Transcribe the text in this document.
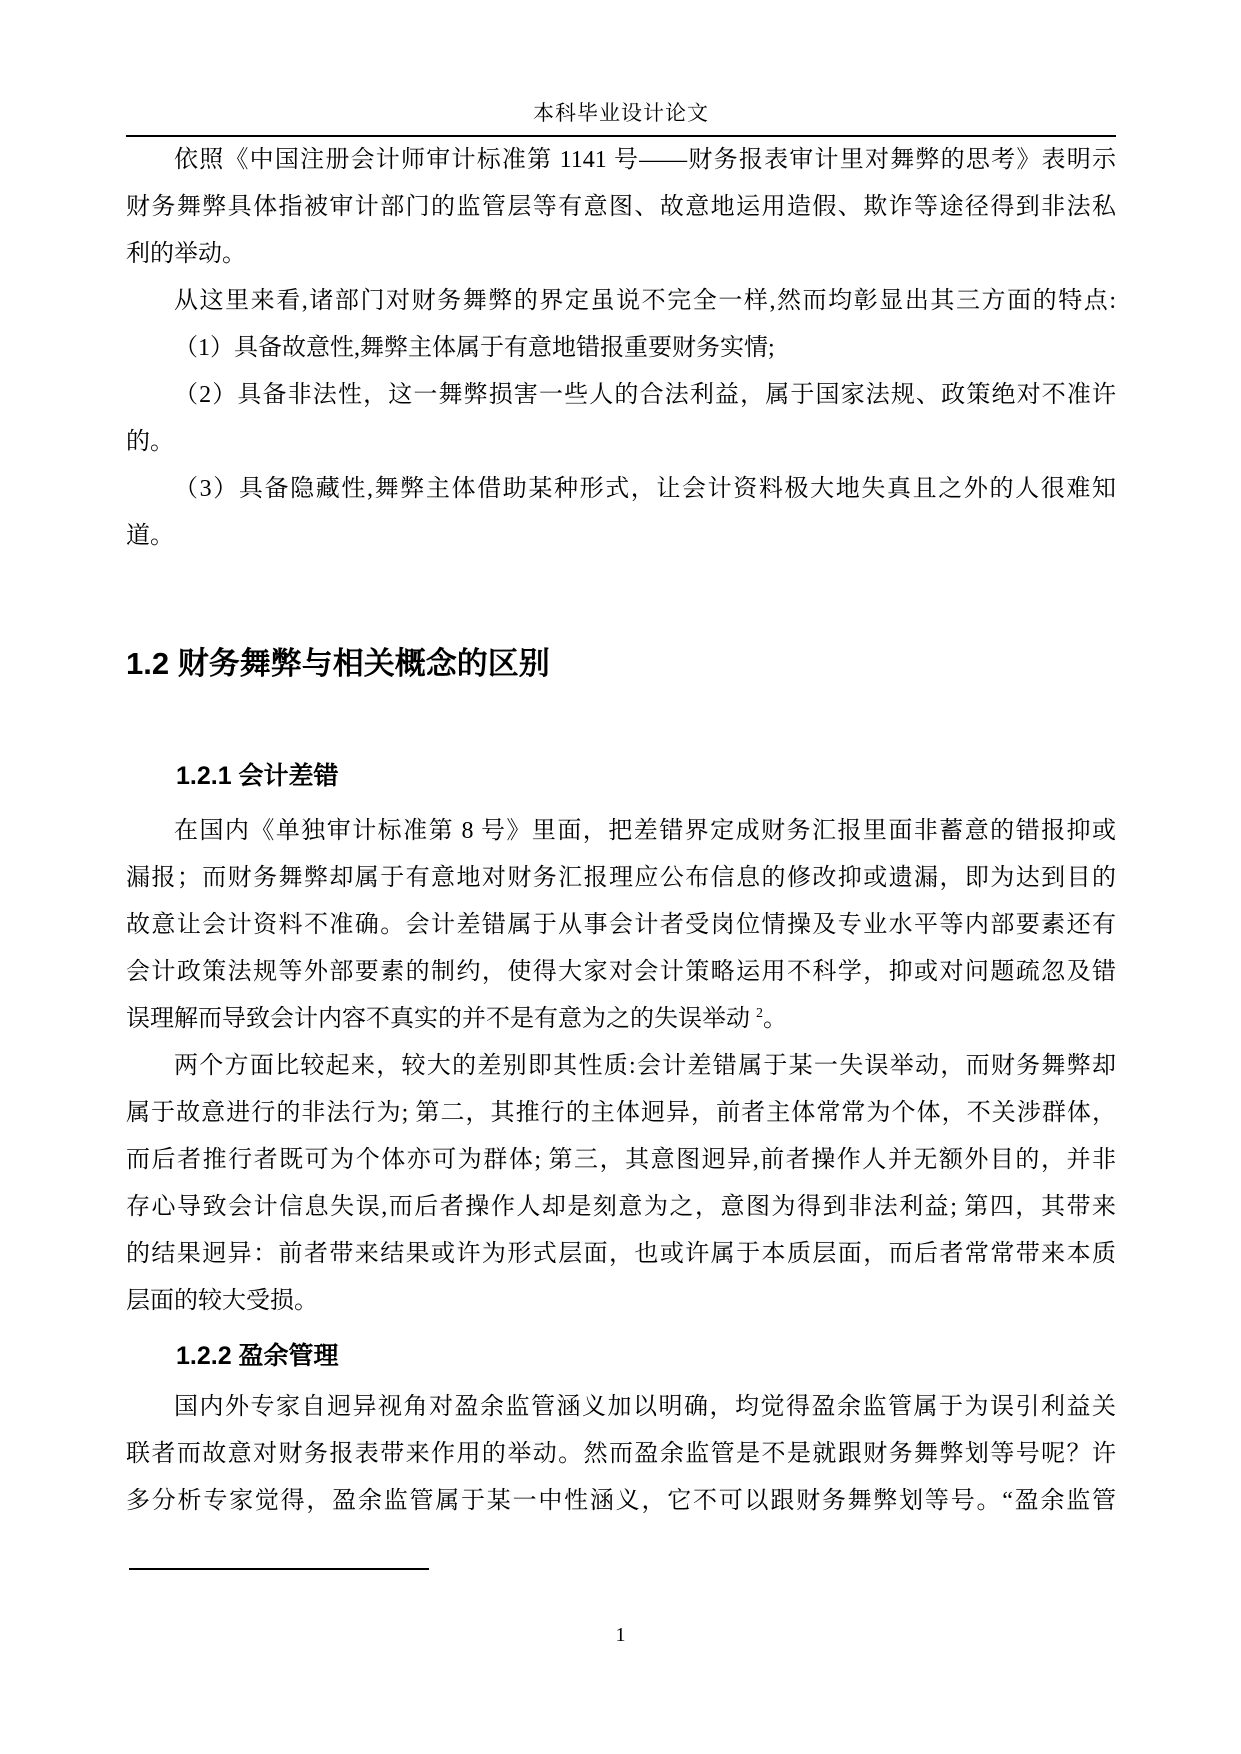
本科毕业设计论文
依照《中国注册会计师审计标准第 1141 号——财务报表审计里对舞弊的思考》表明示
财务舞弊具体指被审计部门的监管层等有意图、故意地运用造假、欺诈等途径得到非法私
利的举动。
从这里来看,诸部门对财务舞弊的界定虽说不完全一样,然而均彰显出其三方面的特点:
（1）具备故意性,舞弊主体属于有意地错报重要财务实情;
（2）具备非法性，这一舞弊损害一些人的合法利益，属于国家法规、政策绝对不准许
的。
（3）具备隐藏性,舞弊主体借助某种形式，让会计资料极大地失真且之外的人很难知
道。
1.2 财务舞弊与相关概念的区别
1.2.1 会计差错
在国内《单独审计标准第 8 号》里面，把差错界定成财务汇报里面非蓄意的错报抑或
漏报；而财务舞弊却属于有意地对财务汇报理应公布信息的修改抑或遗漏，即为达到目的
故意让会计资料不准确。会计差错属于从事会计者受岗位情操及专业水平等内部要素还有
会计政策法规等外部要素的制约，使得大家对会计策略运用不科学，抑或对问题疏忽及错
误理解而导致会计内容不真实的并不是有意为之的失误举动 $^2$。
两个方面比较起来，较大的差别即其性质:会计差错属于某一失误举动，而财务舞弊却
属于故意进行的非法行为; 第二，其推行的主体迥异，前者主体常常为个体，不关涉群体，
而后者推行者既可为个体亦可为群体; 第三，其意图迥异,前者操作人并无额外目的，并非
存心导致会计信息失误,而后者操作人却是刻意为之，意图为得到非法利益; 第四，其带来
的结果迥异：前者带来结果或许为形式层面，也或许属于本质层面，而后者常常带来本质
层面的较大受损。
1.2.2 盈余管理
国内外专家自迥异视角对盈余监管涵义加以明确，均觉得盈余监管属于为误引利益关
联者而故意对财务报表带来作用的举动。然而盈余监管是不是就跟财务舞弊划等号呢？许
多分析专家觉得，盈余监管属于某一中性涵义，它不可以跟财务舞弊划等号。“盈余监管
1
